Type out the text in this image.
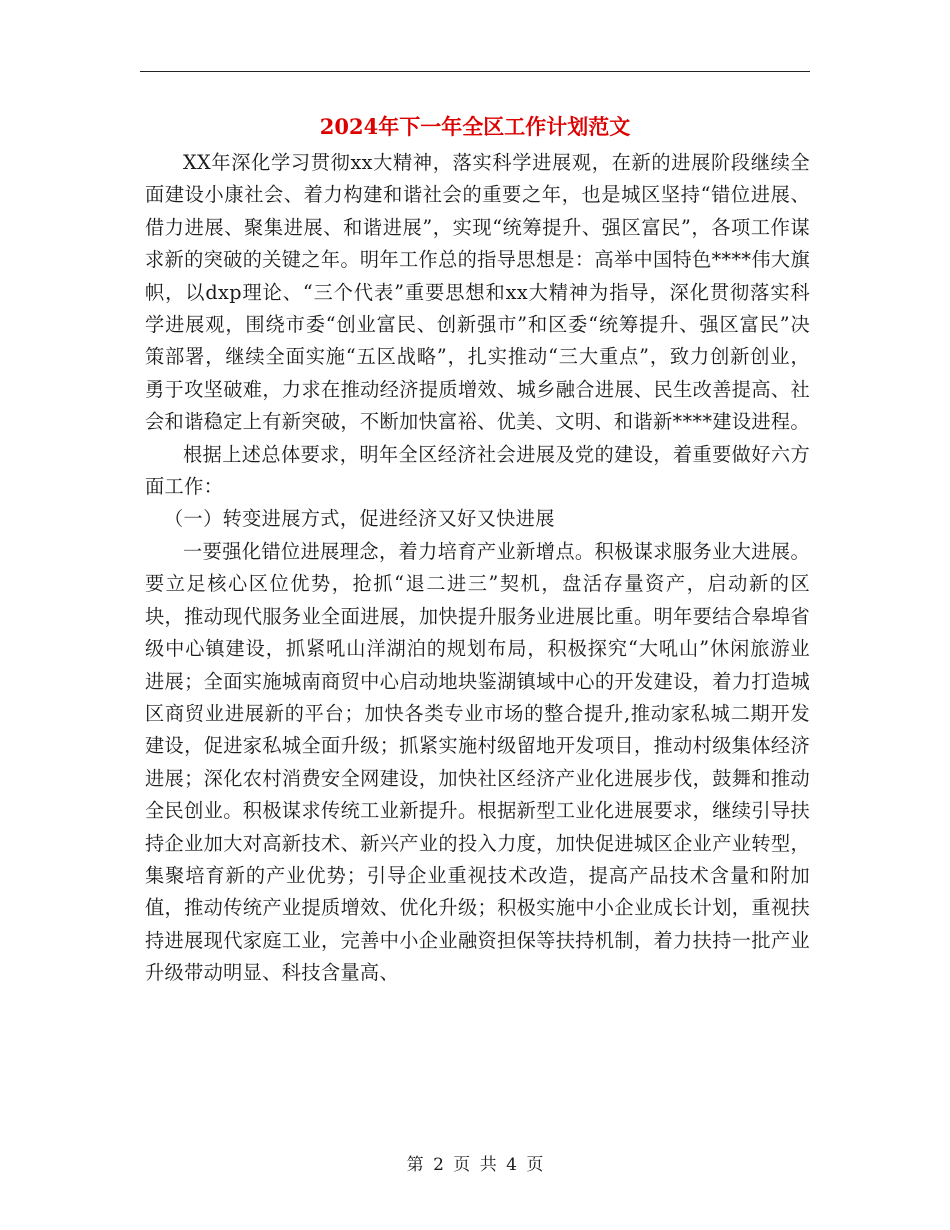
2024年下一年全区工作计划范文

XX年深化学习贯彻xx大精神，落实科学进展观，在新的进展阶段继续全面建设小康社会、着力构建和谐社会的重要之年，也是城区坚持“错位进展、借力进展、聚集进展、和谐进展”，实现“统筹提升、强区富民”，各项工作谋求新的突破的关键之年。明年工作总的指导思想是：高举中国特色****伟大旗帜，以dxp理论、“三个代表”重要思想和xx大精神为指导，深化贯彻落实科学进展观，围绕市委“创业富民、创新强市”和区委“统筹提升、强区富民”决策部署，继续全面实施“五区战略”，扎实推动“三大重点”，致力创新创业，勇于攻坚破难，力求在推动经济提质增效、城乡融合进展、民生改善提高、社会和谐稳定上有新突破，不断加快富裕、优美、文明、和谐新****建设进程。

根据上述总体要求，明年全区经济社会进展及党的建设，着重要做好六方面工作：

（一）转变进展方式，促进经济又好又快进展

一要强化错位进展理念，着力培育产业新增点。积极谋求服务业大进展。要立足核心区位优势，抢抓“退二进三”契机，盘活存量资产，启动新的区块，推动现代服务业全面进展，加快提升服务业进展比重。明年要结合皋埠省级中心镇建设，抓紧吼山洋湖泊的规划布局，积极探究“大吼山”休闲旅游业进展；全面实施城南商贸中心启动地块鉴湖镇域中心的开发建设，着力打造城区商贸业进展新的平台；加快各类专业市场的整合提升,推动家私城二期开发建设，促进家私城全面升级；抓紧实施村级留地开发项目，推动村级集体经济进展；深化农村消费安全网建设，加快社区经济产业化进展步伐，鼓舞和推动全民创业。积极谋求传统工业新提升。根据新型工业化进展要求，继续引导扶持企业加大对高新技术、新兴产业的投入力度，加快促进城区企业产业转型，集聚培育新的产业优势；引导企业重视技术改造，提高产品技术含量和附加值，推动传统产业提质增效、优化升级；积极实施中小企业成长计划，重视扶持进展现代家庭工业，完善中小企业融资担保等扶持机制，着力扶持一批产业升级带动明显、科技含量高、

第 2 页 共 4 页
